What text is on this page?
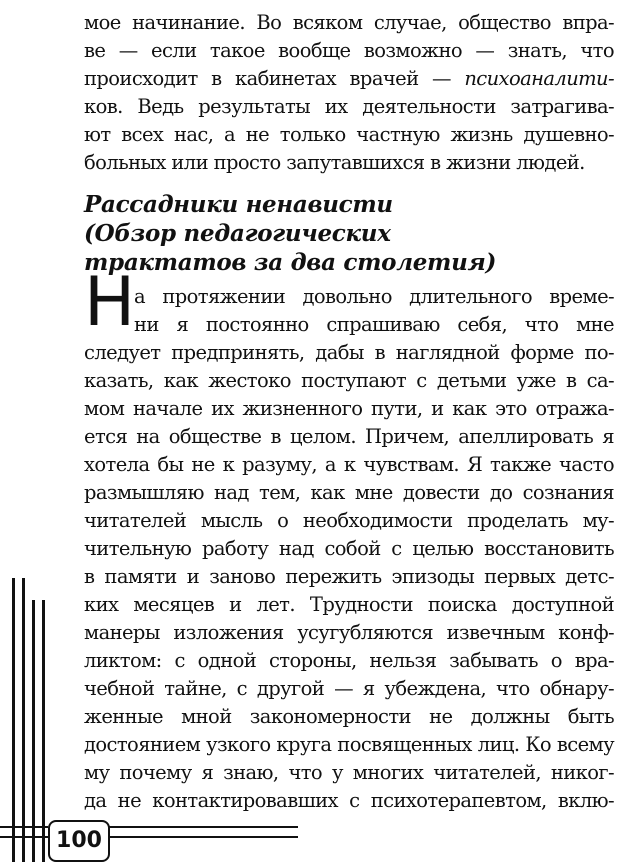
мое начинание. Во всяком случае, общество впра-
ве — если такое вообще возможно — знать, что
происходит в кабинетах врачей — психоаналити-
ков. Ведь результаты их деятельности затрагива-
ют всех нас, а не только частную жизнь душевно-
больных или просто запутавшихся в жизни людей.
Рассадники ненависти
(Обзор педагогических
трактатов за два столетия)
Н
а протяжении довольно длительного време-
ни я постоянно спрашиваю себя, что мне
следует предпринять, дабы в наглядной форме по-
казать, как жестоко поступают с детьми уже в са-
мом начале их жизненного пути, и как это отража-
ется на обществе в целом. Причем, апеллировать я
хотела бы не к разуму, а к чувствам. Я также часто
размышляю над тем, как мне довести до сознания
читателей мысль о необходимости проделать му-
чительную работу над собой с целью восстановить
в памяти и заново пережить эпизоды первых детс-
ких месяцев и лет. Трудности поиска доступной
манеры изложения усугубляются извечным конф-
ликтом: с одной стороны, нельзя забывать о вра-
чебной тайне, с другой — я убеждена, что обнару-
женные мной закономерности не должны быть
достоянием узкого круга посвященных лиц. Ко всему
му почему я знаю, что у многих читателей, никог-
да не контактировавших с психотерапевтом, вклю-
100
